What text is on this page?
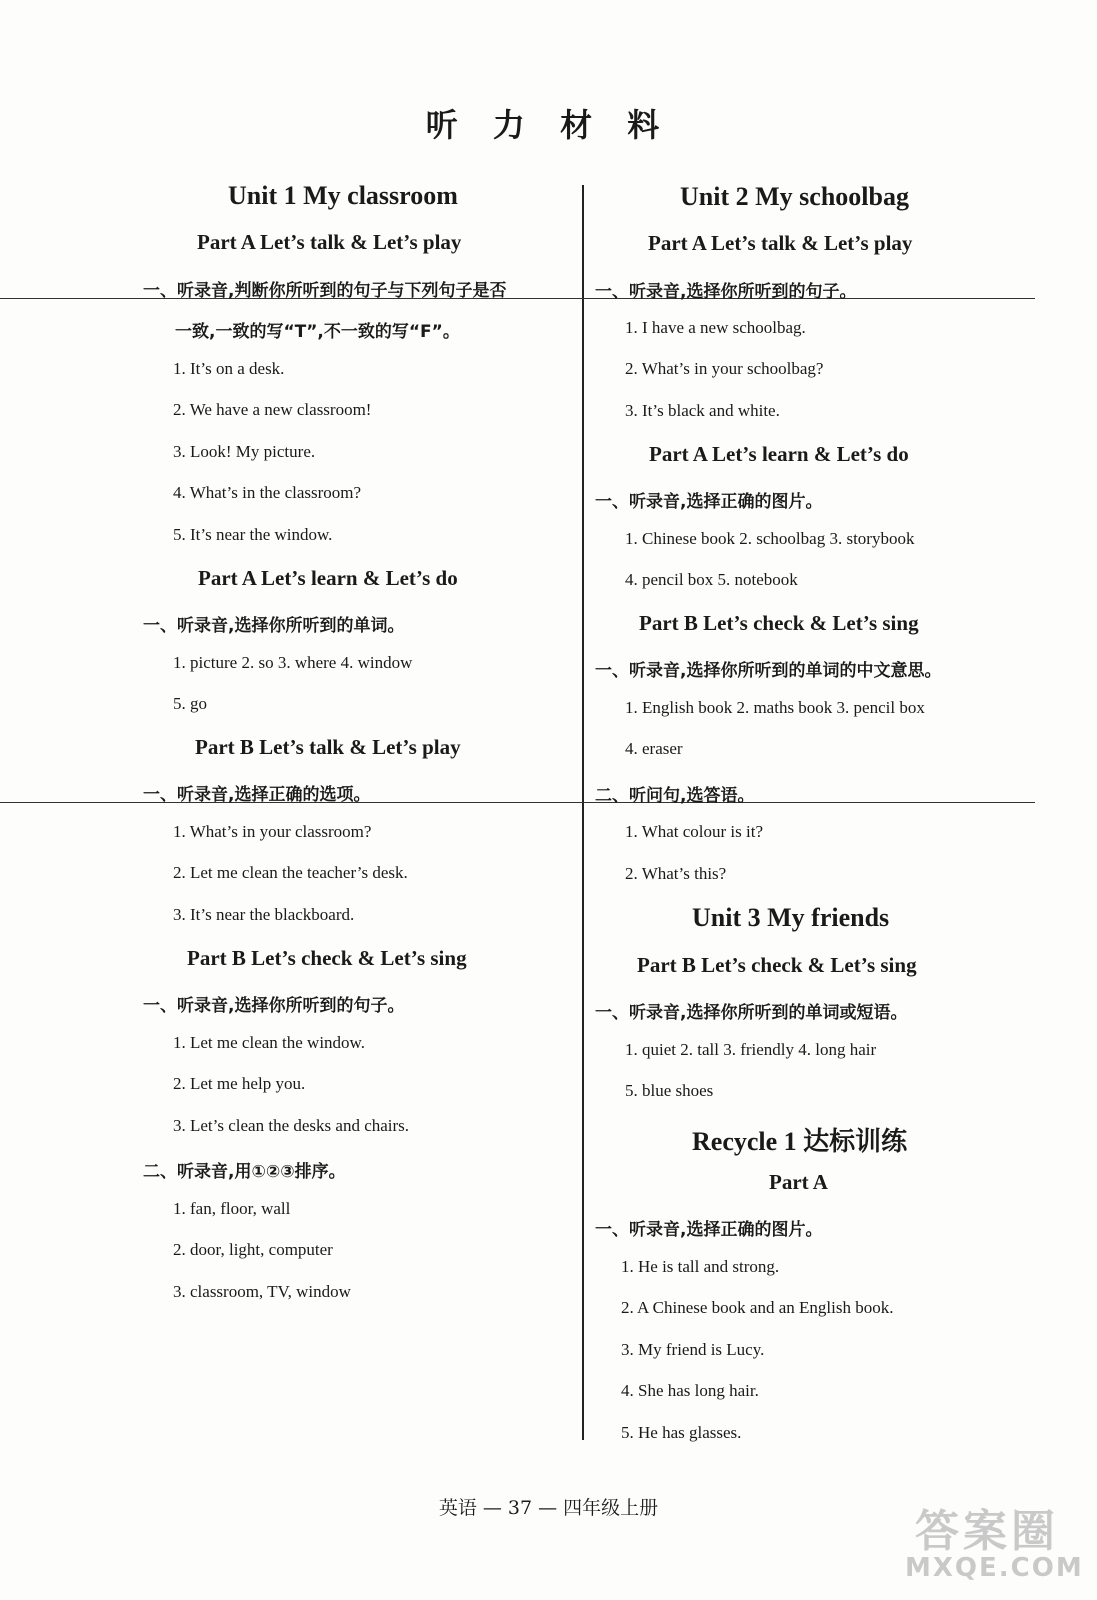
听 力 材 料
Unit 1 My classroom
Part A Let’s talk & Let’s play
一、听录音,判断你所听到的句子与下列句子是否
一致,一致的写“T”,不一致的写“F”。
1. It’s on a desk.
2. We have a new classroom!
3. Look! My picture.
4. What’s in the classroom?
5. It’s near the window.
Part A Let’s learn & Let’s do
一、听录音,选择你所听到的单词。
1. picture 2. so 3. where 4. window
5. go
Part B Let’s talk & Let’s play
一、听录音,选择正确的选项。
1. What’s in your classroom?
2. Let me clean the teacher’s desk.
3. It’s near the blackboard.
Part B Let’s check & Let’s sing
一、听录音,选择你所听到的句子。
1. Let me clean the window.
2. Let me help you.
3. Let’s clean the desks and chairs.
二、听录音,用①②③排序。
1. fan, floor, wall
2. door, light, computer
3. classroom, TV, window
Unit 2 My schoolbag
Part A Let’s talk & Let’s play
一、听录音,选择你所听到的句子。
1. I have a new schoolbag.
2. What’s in your schoolbag?
3. It’s black and white.
Part A Let’s learn & Let’s do
一、听录音,选择正确的图片。
1. Chinese book 2. schoolbag 3. storybook
4. pencil box 5. notebook
Part B Let’s check & Let’s sing
一、听录音,选择你所听到的单词的中文意思。
1. English book 2. maths book 3. pencil box
4. eraser
二、听问句,选答语。
1. What colour is it?
2. What’s this?
Unit 3 My friends
Part B Let’s check & Let’s sing
一、听录音,选择你所听到的单词或短语。
1. quiet 2. tall 3. friendly 4. long hair
5. blue shoes
Recycle 1 达标训练
Part A
一、听录音,选择正确的图片。
1. He is tall and strong.
2. A Chinese book and an English book.
3. My friend is Lucy.
4. She has long hair.
5. He has glasses.
英语 — 37 — 四年级上册	答案圈
MXQE.COM
